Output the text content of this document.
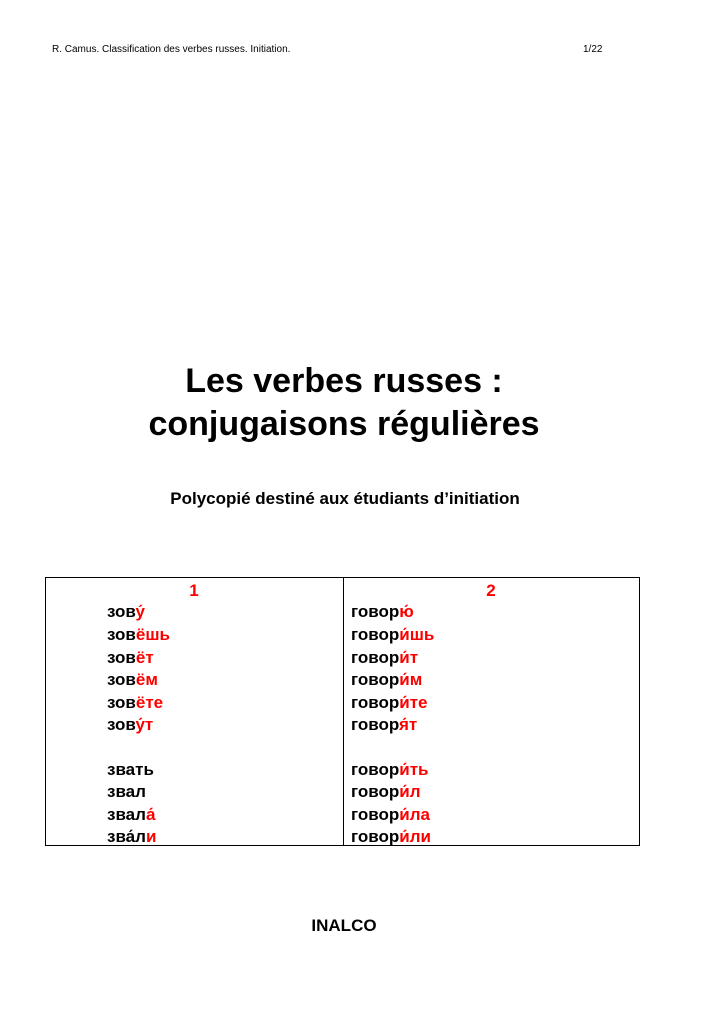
R. Camus. Classification des verbes russes. Initiation.	1/22
Les verbes russes :
conjugaisons régulières
Polycopié destiné aux étudiants d’initiation
1	2
зову́
зовёшь
зовёт
зовём
зовёте
зову́т
звать
звал
звала́
зва́ли
говорю́
говори́шь
говори́т
говори́м
говори́те
говоря́т
говори́ть
говори́л
говори́ла
говори́ли
INALCO
